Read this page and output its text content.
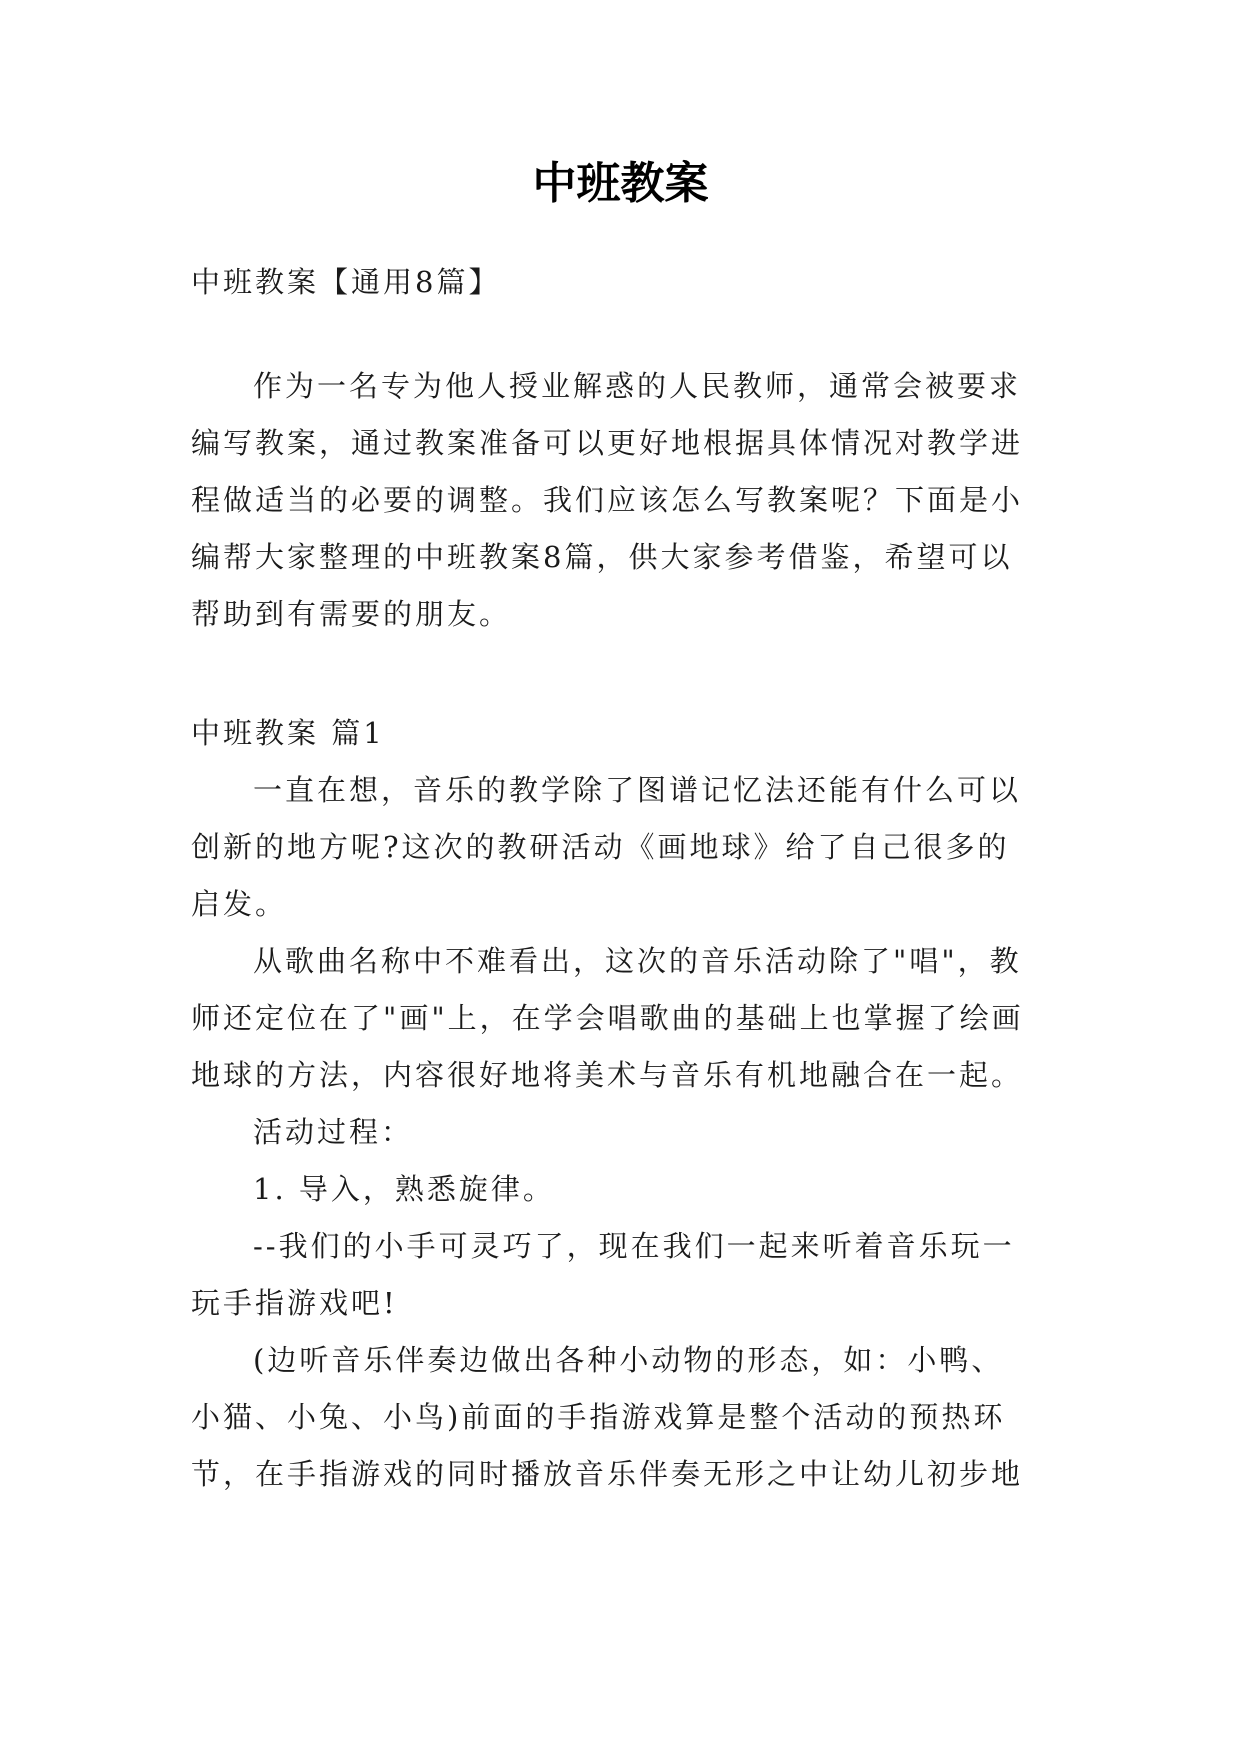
中班教案
中班教案【通用8篇】
作为一名专为他人授业解惑的人民教师，通常会被要求
编写教案，通过教案准备可以更好地根据具体情况对教学进
程做适当的必要的调整。我们应该怎么写教案呢？下面是小
编帮大家整理的中班教案8篇，供大家参考借鉴，希望可以
帮助到有需要的朋友。
中班教案 篇1
一直在想，音乐的教学除了图谱记忆法还能有什么可以
创新的地方呢?这次的教研活动《画地球》给了自己很多的
启发。
从歌曲名称中不难看出，这次的音乐活动除了"唱"，教
师还定位在了"画"上，在学会唱歌曲的基础上也掌握了绘画
地球的方法，内容很好地将美术与音乐有机地融合在一起。
活动过程：
1. 导入，熟悉旋律。
--我们的小手可灵巧了，现在我们一起来听着音乐玩一
玩手指游戏吧!
(边听音乐伴奏边做出各种小动物的形态，如：小鸭、
小猫、小兔、小鸟)前面的手指游戏算是整个活动的预热环
节，在手指游戏的同时播放音乐伴奏无形之中让幼儿初步地
